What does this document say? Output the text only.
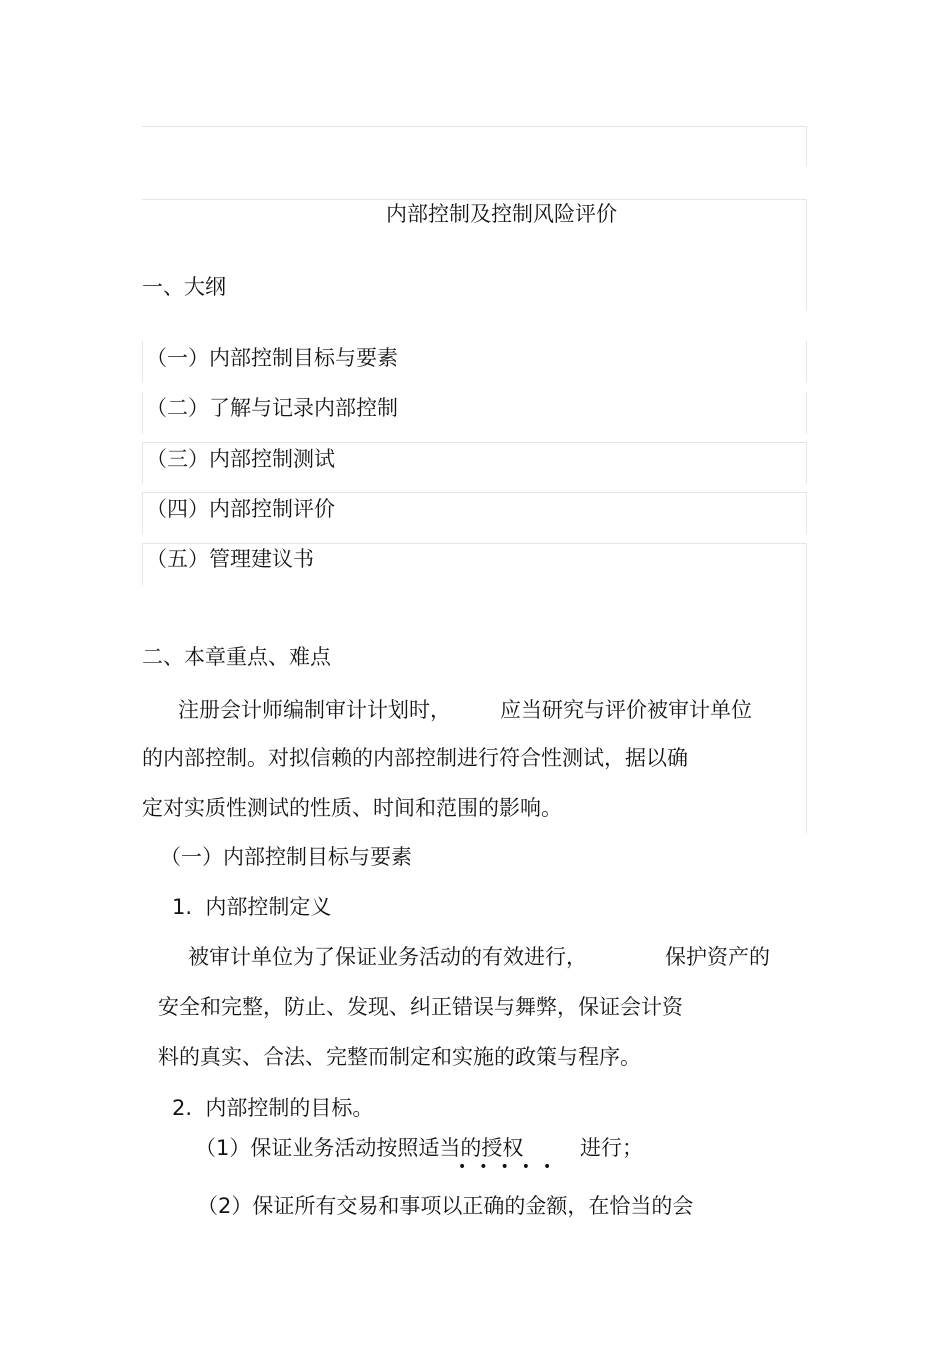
内部控制及控制风险评价

一、大纲

（一）内部控制目标与要素

（二）了解与记录内部控制

（三）内部控制测试

（四）内部控制评价

（五）管理建议书

二、本章重点、难点

注册会计师编制审计计划时， 应当研究与评价被审计单位

的内部控制。对拟信赖的内部控制进行符合性测试，据以确

定对实质性测试的性质、时间和范围的影响。

（一）内部控制目标与要素

1.  内部控制定义

被审计单位为了保证业务活动的有效进行，	保护资产的

安全和完整，防止、发现、纠正错误与舞弊，保证会计资

料的真实、合法、完整而制定和实施的政策与程序。

2.  内部控制的目标。

（1）保证业务活动按照适当的授权	进行；

•••••

（2）保证所有交易和事项以正确的金额，在恰当的会
